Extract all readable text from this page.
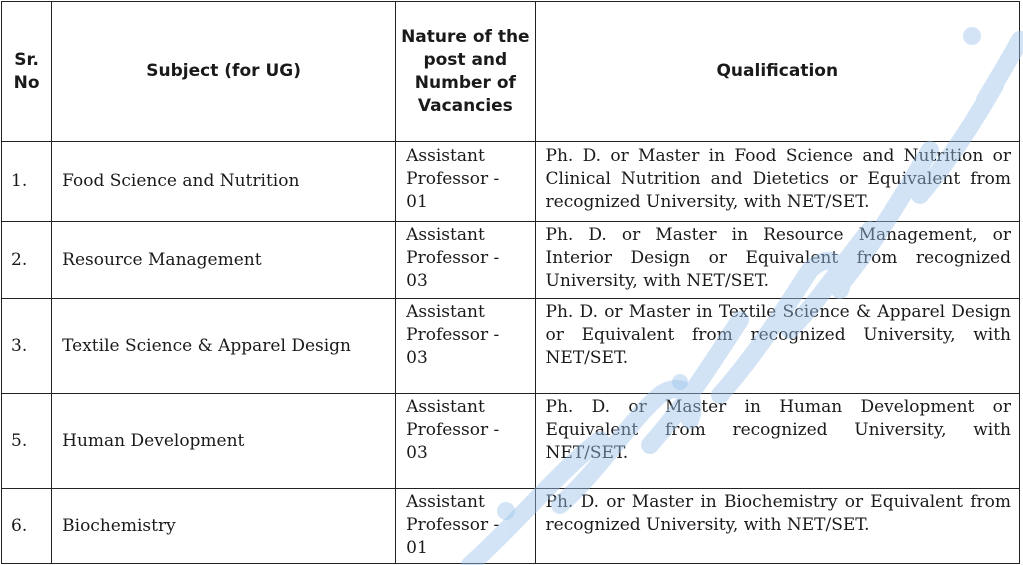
Sr. No	Subject (for UG)	Nature of the post and Number of Vacancies	Qualification

1.	Food Science and Nutrition	Assistant Professor - 01	Ph. D. or Master in Food Science and Nutrition or Clinical Nutrition and Dietetics or Equivalent from recognized University, with NET/SET.
2.	Resource Management	Assistant Professor - 03	Ph. D. or Master in Resource Management, or Interior Design or Equivalent from recognized University, with NET/SET.
3.	Textile Science & Apparel Design	Assistant Professor - 03	Ph. D. or Master in Textile Science & Apparel Design or Equivalent from recognized University, with NET/SET.
5.	Human Development	Assistant Professor - 03	Ph. D. or Master in Human Development or Equivalent from recognized University, with NET/SET.
6.	Biochemistry	Assistant Professor - 01	Ph. D. or Master in Biochemistry or Equivalent from recognized University, with NET/SET.
